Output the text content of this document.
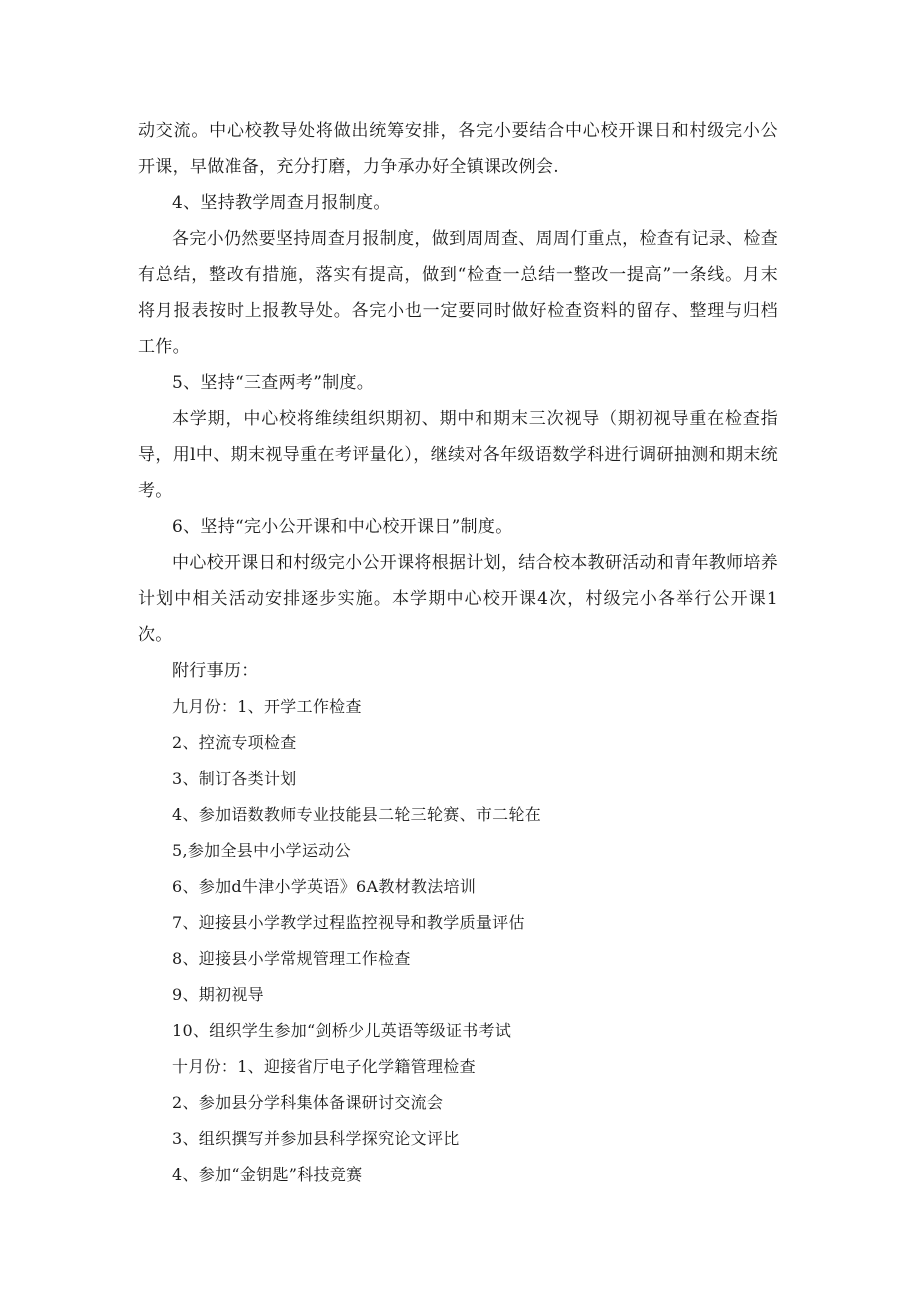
动交流。中心校教导处将做出统筹安排，各完小要结合中心校开课日和村级完小公开课，早做准备，充分打磨，力争承办好全镇课改例会.

4、坚持教学周查月报制度。

各完小仍然要坚持周查月报制度，做到周周查、周周仃重点，检查有记录、检查有总结，整改有措施，落实有提高，做到“检查一总结一整改一提高”一条线。月末将月报表按时上报教导处。各完小也一定要同时做好检查资料的留存、整理与归档工作。

5、坚持“三查两考”制度。

本学期，中心校将维续组织期初、期中和期末三次视导（期初视导重在检查指导，用l中、期末视导重在考评量化），继续对各年级语数学科进行调研抽测和期末统考。

6、坚持“完小公开课和中心校开课日”制度。

中心校开课日和村级完小公开课将根据计划，结合校本教研活动和青年教师培养计划中相关活动安排逐步实施。本学期中心校开课4次，村级完小各举行公开课1次。

附行事历：

九月份：1、开学工作检查

2、控流专项检查

3、制订各类计划

4、参加语数教师专业技能县二轮三轮赛、市二轮在

5,参加全县中小学运动公

6、参加d牛津小学英语》6A教材教法培训

7、迎接县小学教学过程监控视导和教学质量评估

8、迎接县小学常规管理工作检查

9、期初视导

10、组织学生参加“剑桥少儿英语等级证书考试

十月份：1、迎接省厅电子化学籍管理检查

2、参加县分学科集体备课研讨交流会

3、组织撰写并参加县科学探究论文评比

4、参加“金钥匙”科技竞赛
